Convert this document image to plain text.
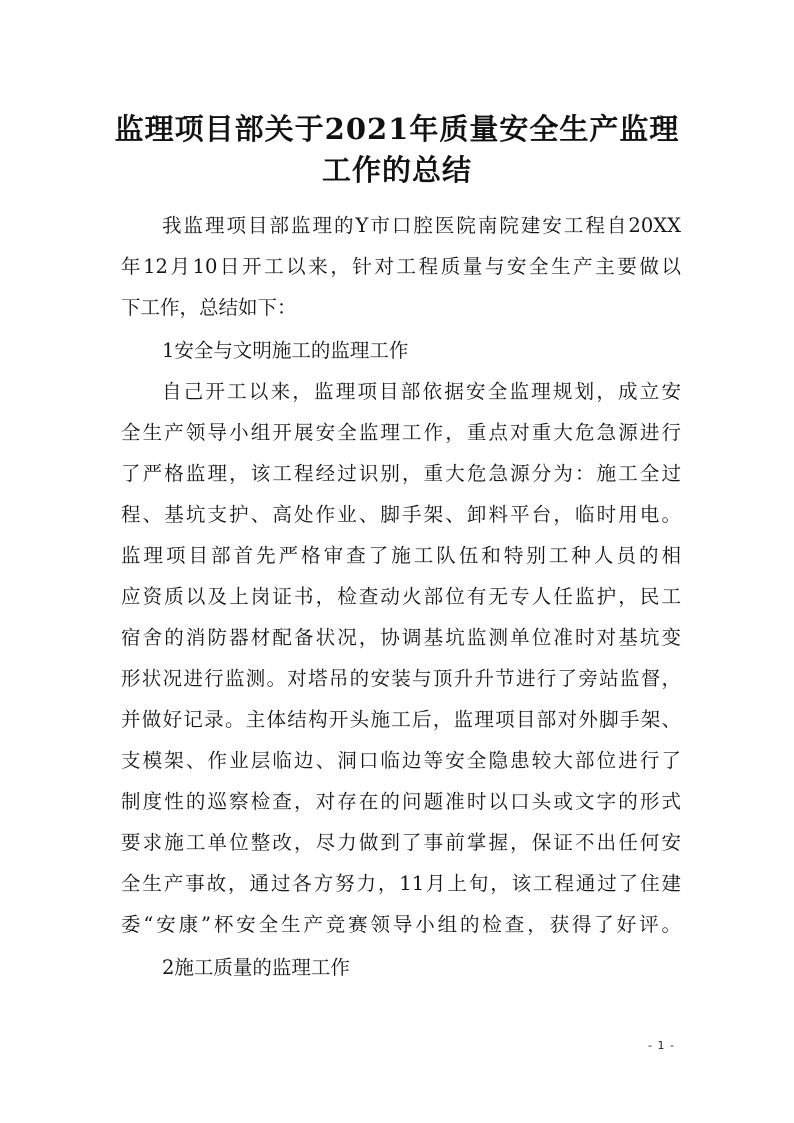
监理项目部关于2021年质量安全生产监理
工作的总结
我监理项目部监理的Y市口腔医院南院建安工程自20XX
年12月10日开工以来，针对工程质量与安全生产主要做以
下工作，总结如下：
1安全与文明施工的监理工作
自己开工以来，监理项目部依据安全监理规划，成立安
全生产领导小组开展安全监理工作，重点对重大危急源进行
了严格监理，该工程经过识别，重大危急源分为：施工全过
程、基坑支护、高处作业、脚手架、卸料平台，临时用电。
监理项目部首先严格审查了施工队伍和特别工种人员的相
应资质以及上岗证书，检查动火部位有无专人任监护，民工
宿舍的消防器材配备状况，协调基坑监测单位准时对基坑变
形状况进行监测。对塔吊的安装与顶升升节进行了旁站监督，
并做好记录。主体结构开头施工后，监理项目部对外脚手架、
支模架、作业层临边、洞口临边等安全隐患较大部位进行了
制度性的巡察检查，对存在的问题准时以口头或文字的形式
要求施工单位整改，尽力做到了事前掌握，保证不出任何安
全生产事故，通过各方努力，11月上旬，该工程通过了住建
委“安康”杯安全生产竞赛领导小组的检查，获得了好评。
2施工质量的监理工作
- 1 -
